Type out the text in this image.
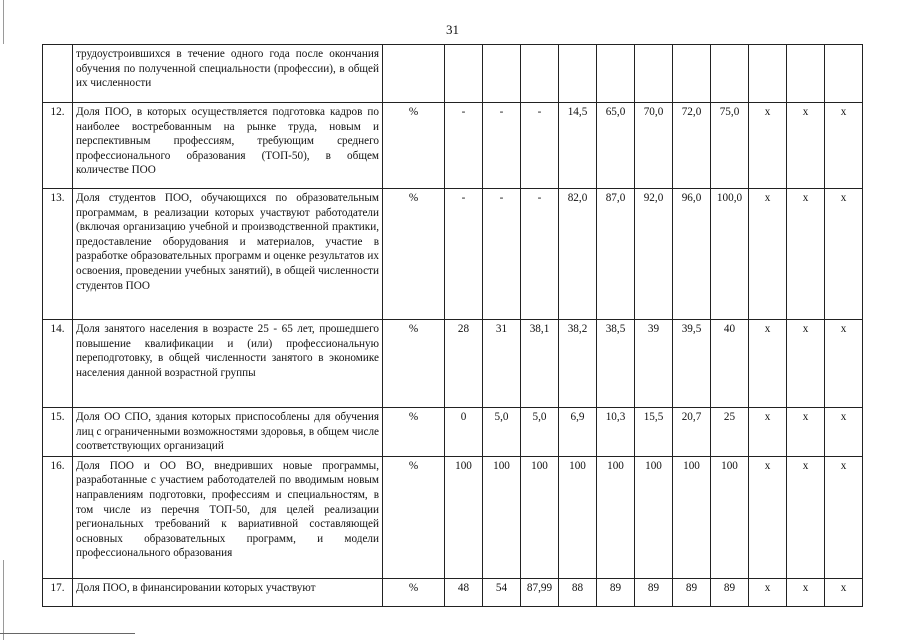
31
	трудоустроившихся в течение одного года после окончания обучения по полученной специальности (профессии), в общей их численности												
12.	Доля ПОО, в которых осуществляется подготовка кадров по наиболее востребованным на рынке труда, новым и перспективным профессиям, требующим среднего профессионального образования (ТОП-50), в общем количестве ПОО	%	-	-	-	14,5	65,0	70,0	72,0	75,0	x	x	x
13.	Доля студентов ПОО, обучающихся по образовательным программам, в реализации которых участвуют работодатели (включая организацию учебной и производственной практики, предоставление оборудования и материалов, участие в разработке образовательных программ и оценке результатов их освоения, проведении учебных занятий), в общей численности студентов ПОО	%	-	-	-	82,0	87,0	92,0	96,0	100,0	x	x	x
14.	Доля занятого населения в возрасте 25 - 65 лет, прошедшего повышение квалификации и (или) профессиональную переподготовку, в общей численности занятого в экономике населения данной возрастной группы	%	28	31	38,1	38,2	38,5	39	39,5	40	x	x	x
15.	Доля ОО СПО, здания которых приспособлены для обучения лиц с ограниченными возможностями здоровья, в общем числе соответствующих организаций	%	0	5,0	5,0	6,9	10,3	15,5	20,7	25	x	x	x
16.	Доля ПОО и ОО ВО, внедривших новые программы, разработанные с участием работодателей по вводимым новым направлениям подготовки, профессиям и специальностям, в том числе из перечня ТОП-50, для целей реализации региональных требований к вариативной составляющей основных образовательных программ, и модели профессионального образования	%	100	100	100	100	100	100	100	100	x	x	x
17.	Доля ПОО, в финансировании которых участвуют	%	48	54	87,99	88	89	89	89	89	x	x	x
